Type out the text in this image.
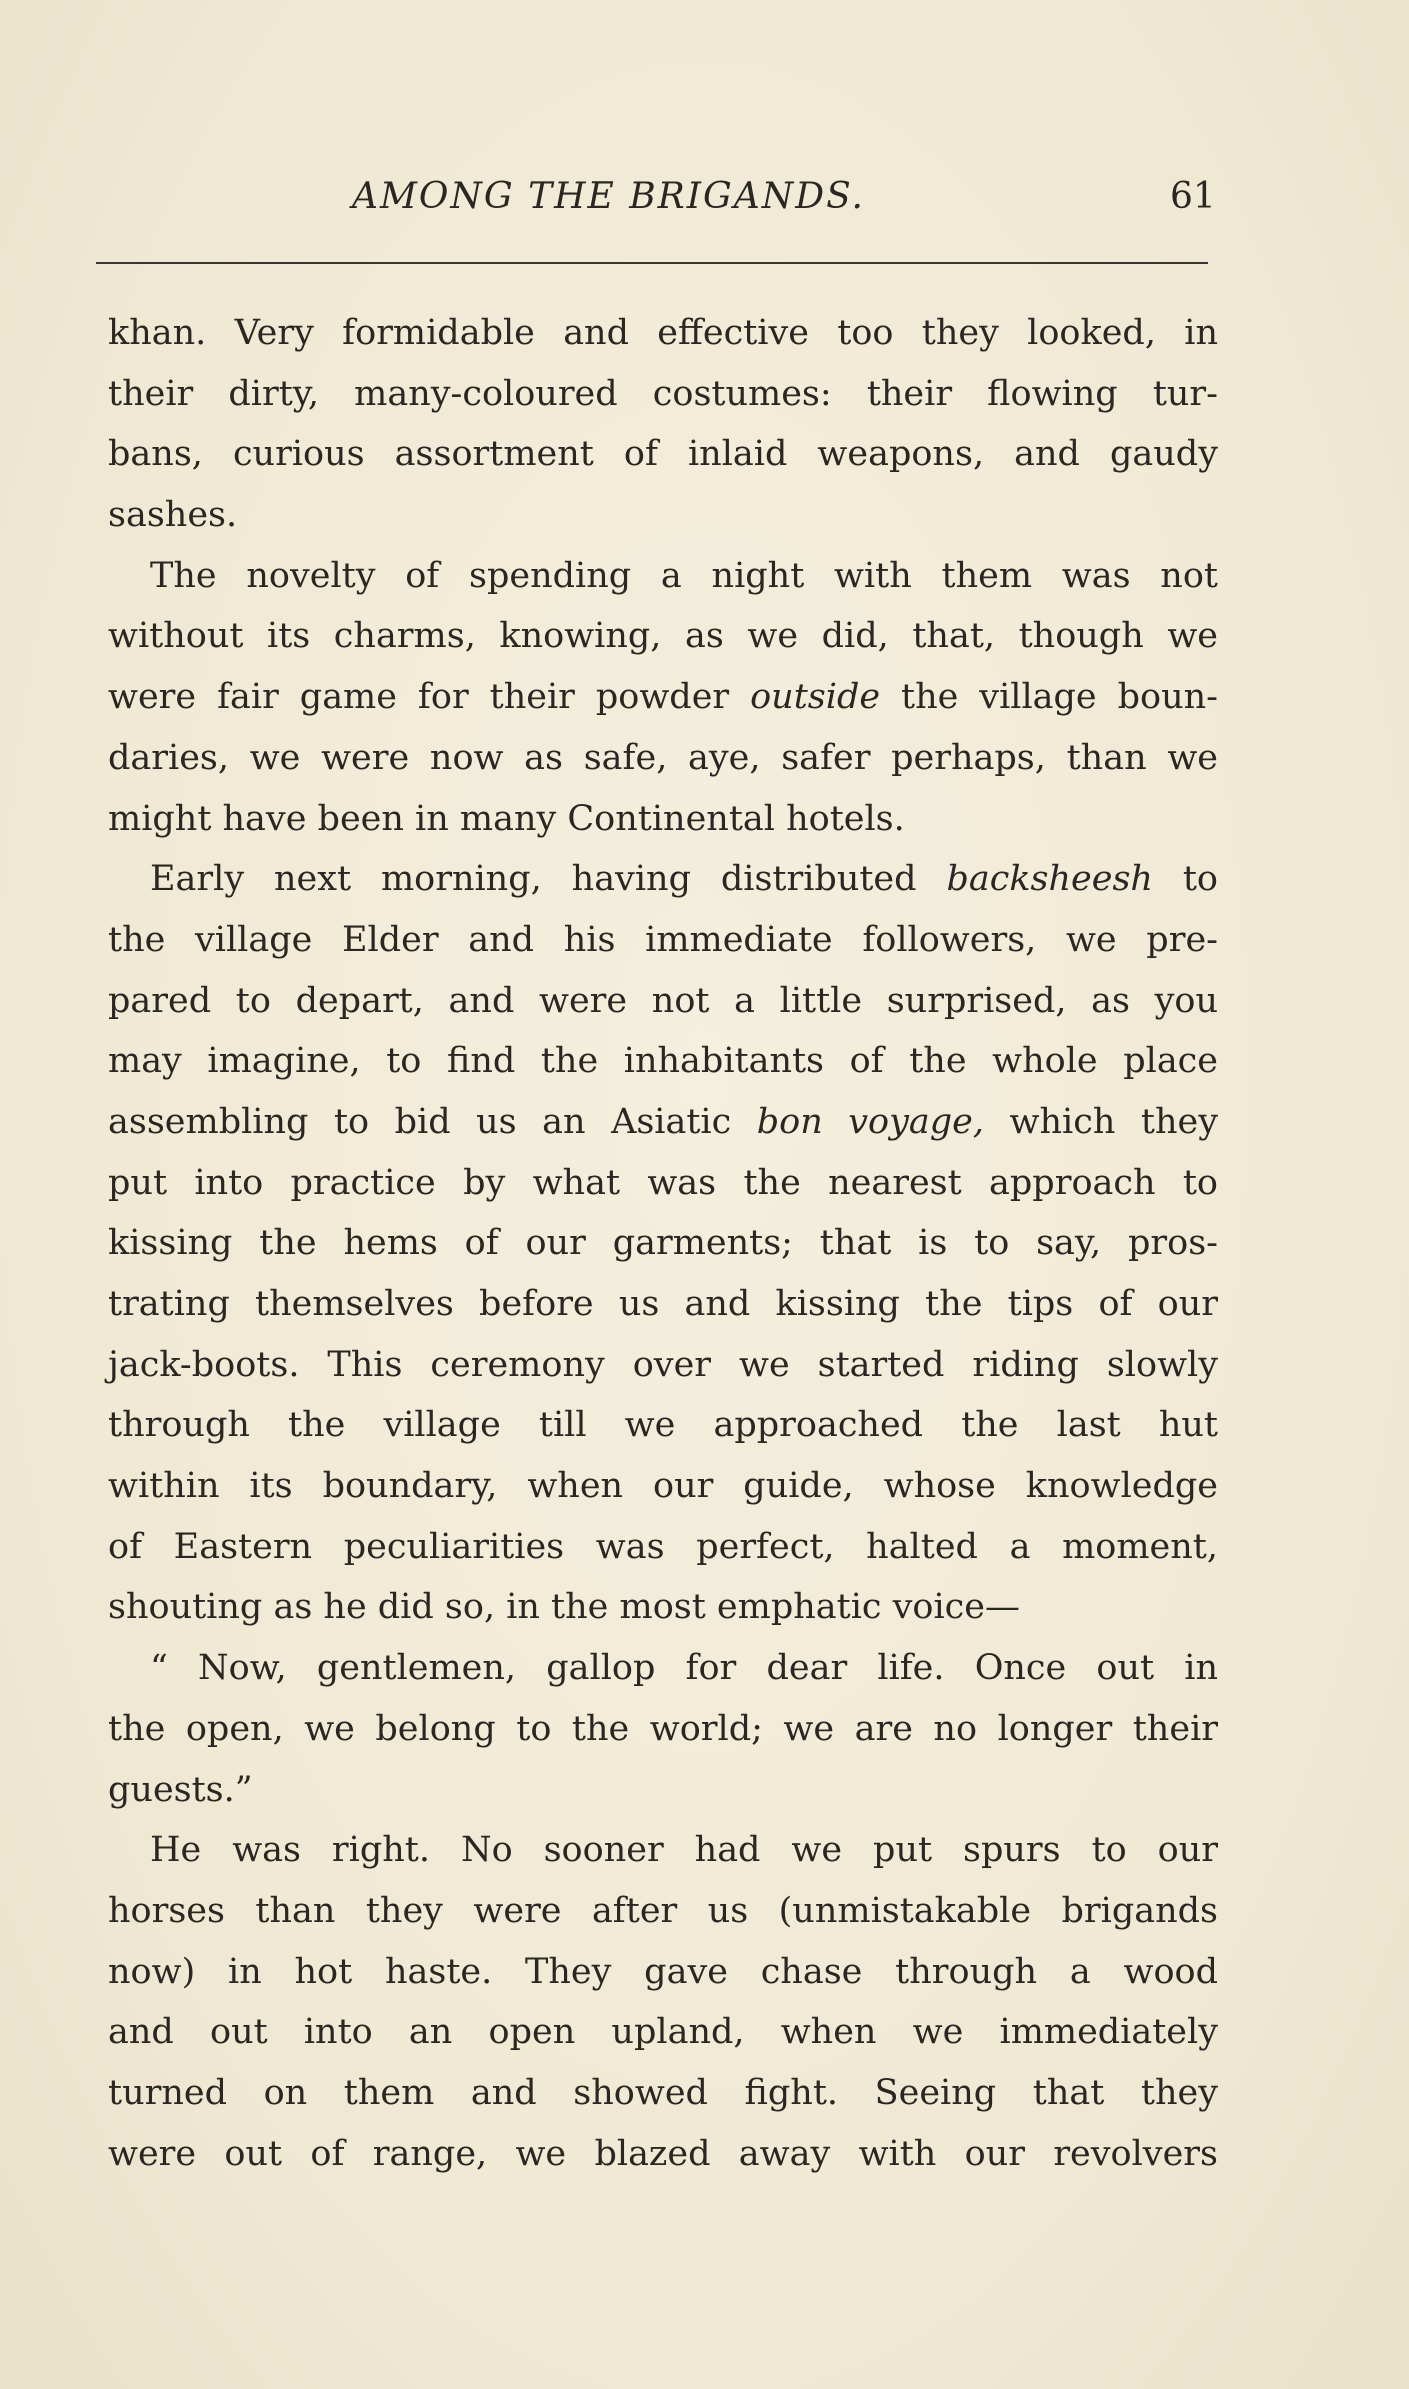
AMONG THE BRIGANDS.	61
khan. Very formidable and effective too they looked, in
their dirty, many-coloured costumes: their flowing tur-
bans, curious assortment of inlaid weapons, and gaudy
sashes.
The novelty of spending a night with them was not
without its charms, knowing, as we did, that, though we
were fair game for their powder outside the village boun-
daries, we were now as safe, aye, safer perhaps, than we
might have been in many Continental hotels.
Early next morning, having distributed backsheesh to
the village Elder and his immediate followers, we pre-
pared to depart, and were not a little surprised, as you
may imagine, to find the inhabitants of the whole place
assembling to bid us an Asiatic bon voyage, which they
put into practice by what was the nearest approach to
kissing the hems of our garments; that is to say, pros-
trating themselves before us and kissing the tips of our
jack-boots. This ceremony over we started riding slowly
through the village till we approached the last hut
within its boundary, when our guide, whose knowledge
of Eastern peculiarities was perfect, halted a moment,
shouting as he did so, in the most emphatic voice—
“ Now, gentlemen, gallop for dear life. Once out in
the open, we belong to the world; we are no longer their
guests.”
He was right. No sooner had we put spurs to our
horses than they were after us (unmistakable brigands
now) in hot haste. They gave chase through a wood
and out into an open upland, when we immediately
turned on them and showed fight. Seeing that they
were out of range, we blazed away with our revolvers
